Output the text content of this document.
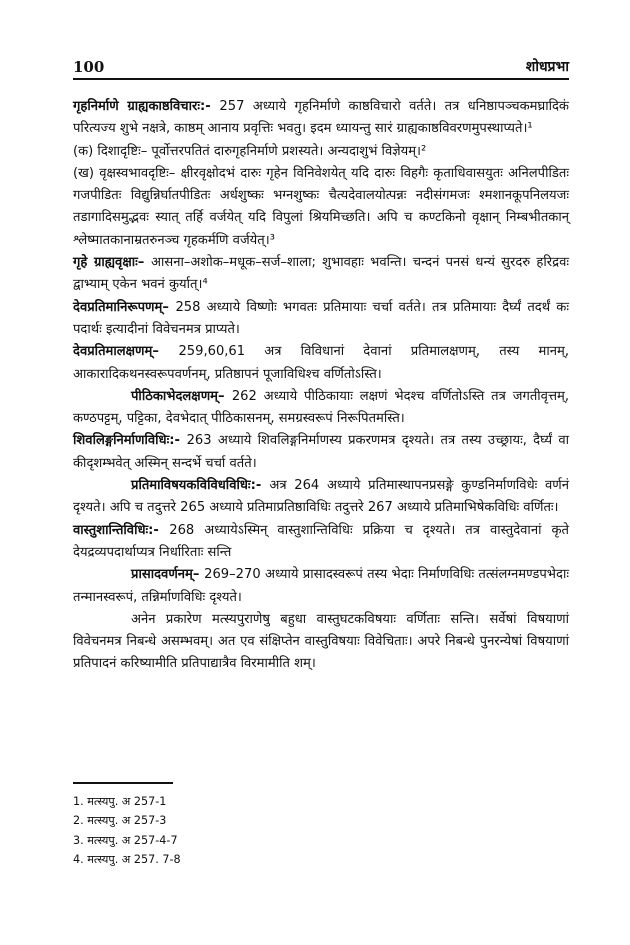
100	शोधप्रभा

गृहनिर्माणे ग्राह्यकाष्ठविचारः:- 257 अध्याये गृहनिर्माणे काष्ठविचारो वर्तते। तत्र धनिष्ठापञ्चकमघ्रादिकं परित्यज्य शुभे नक्षत्रे, काष्ठम् आनाय प्रवृत्तिः भवतु। इदम ध्यायन्तु सारं ग्राह्यकाष्ठविवरणमुपस्थाप्यते।¹

(क) दिशादृष्टिः– पूर्वोत्तरपतितं दारुगृहनिर्माणे प्रशस्यते। अन्यदाशुभं विज्ञेयम्।²

(ख) वृक्षस्वभावदृष्टिः– क्षीरवृक्षोदभं दारुः गृहेन विनिवेशयेत् यदि दारुः विहगैः कृताधिवासयुतः अनिलपीडितः गजपीडितः विद्युन्निर्घातपीडितः अर्धशुष्कः भग्नशुष्कः चैत्यदेवालयोत्पन्नः नदीसंगमजः श्मशानकूपनिलयजः तडागादिसमुद्भवः स्यात् तर्हि वर्जयेत् यदि विपुलां श्रियमिच्छति। अपि च कण्टकिनो वृक्षान् निम्बभीतकान् श्लेष्मातकानाम्रतरुनञ्च गृहकर्मणि वर्जयेत्।³

गृहे ग्राह्यवृक्षाः– आसना–अशोक–मधूक–सर्ज–शाला; शुभावहाः भवन्ति। चन्दनं पनसं धन्यं सुरदरु हरिद्रवः द्वाभ्याम् एकेन भवनं कुर्यात्।⁴

देवप्रतिमानिरूपणम्– 258 अध्याये विष्णोः भगवतः प्रतिमायाः चर्चा वर्तते। तत्र प्रतिमायाः दैर्घ्यं तदर्थं कः पदार्थः इत्यादीनां विवेचनमत्र प्राप्यते।

देवप्रतिमालक्षणम्– 259,60,61 अत्र विविधानां देवानां प्रतिमालक्षणम्, तस्य मानम्, आकारादिकथनस्वरूपवर्णनम्, प्रतिष्ठापनं पूजाविधिश्च वर्णितोऽस्ति।

पीठिकाभेदलक्षणम्– 262 अध्याये पीठिकायाः लक्षणं भेदश्च वर्णितोऽस्ति तत्र जगतीवृत्तम्, कण्ठपट्टम्, पट्टिका, देवभेदात् पीठिकासनम्, समग्रस्वरूपं निरूपितमस्ति।

शिवलिङ्गनिर्माणविधिः:- 263 अध्याये शिवलिङ्गनिर्माणस्य प्रकरणमत्र दृश्यते। तत्र तस्य उच्छ्रायः, दैर्घ्यं वा कीदृशम्भवेत् अस्मिन् सन्दर्भे चर्चा वर्तते।

प्रतिमाविषयकविविधविधिः:- अत्र 264 अध्याये प्रतिमास्थापनप्रसङ्गे कुण्डनिर्माणविधेः वर्णनं दृश्यते। अपि च तदुत्तरे 265 अध्याये प्रतिमाप्रतिष्ठाविधिः तदुत्तरे 267 अध्याये प्रतिमाभिषेकविधिः वर्णितः।

वास्तुशान्तिविधिः:- 268 अध्यायेऽस्मिन् वास्तुशान्तिविधिः प्रक्रिया च दृश्यते। तत्र वास्तुदेवानां कृते देयद्रव्यपदार्थाप्यत्र निर्धारिताः सन्ति

प्रासादवर्णनम्– 269–270 अध्याये प्रासादस्वरूपं तस्य भेदाः निर्माणविधिः तत्संलग्नमण्डपभेदाः तन्मानस्वरूपं, तन्निर्माणविधिः दृश्यते।

अनेन प्रकारेण मत्स्यपुराणेषु बहुधा वास्तुघटकविषयाः वर्णिताः सन्ति। सर्वेषां विषयाणां विवेचनमत्र निबन्धे असम्भवम्। अत एव संक्षिप्तेन वास्तुविषयाः विवेचिताः। अपरे निबन्धे पुनरन्येषां विषयाणां प्रतिपादनं करिष्यामीति प्रतिपाद्यात्रैव विरमामीति शम्।

1. मत्स्यपु. अ 257-1

2. मत्स्यपु. अ 257-3

3. मत्स्यपु. अ 257-4-7

4. मत्स्यपु. अ 257. 7-8
